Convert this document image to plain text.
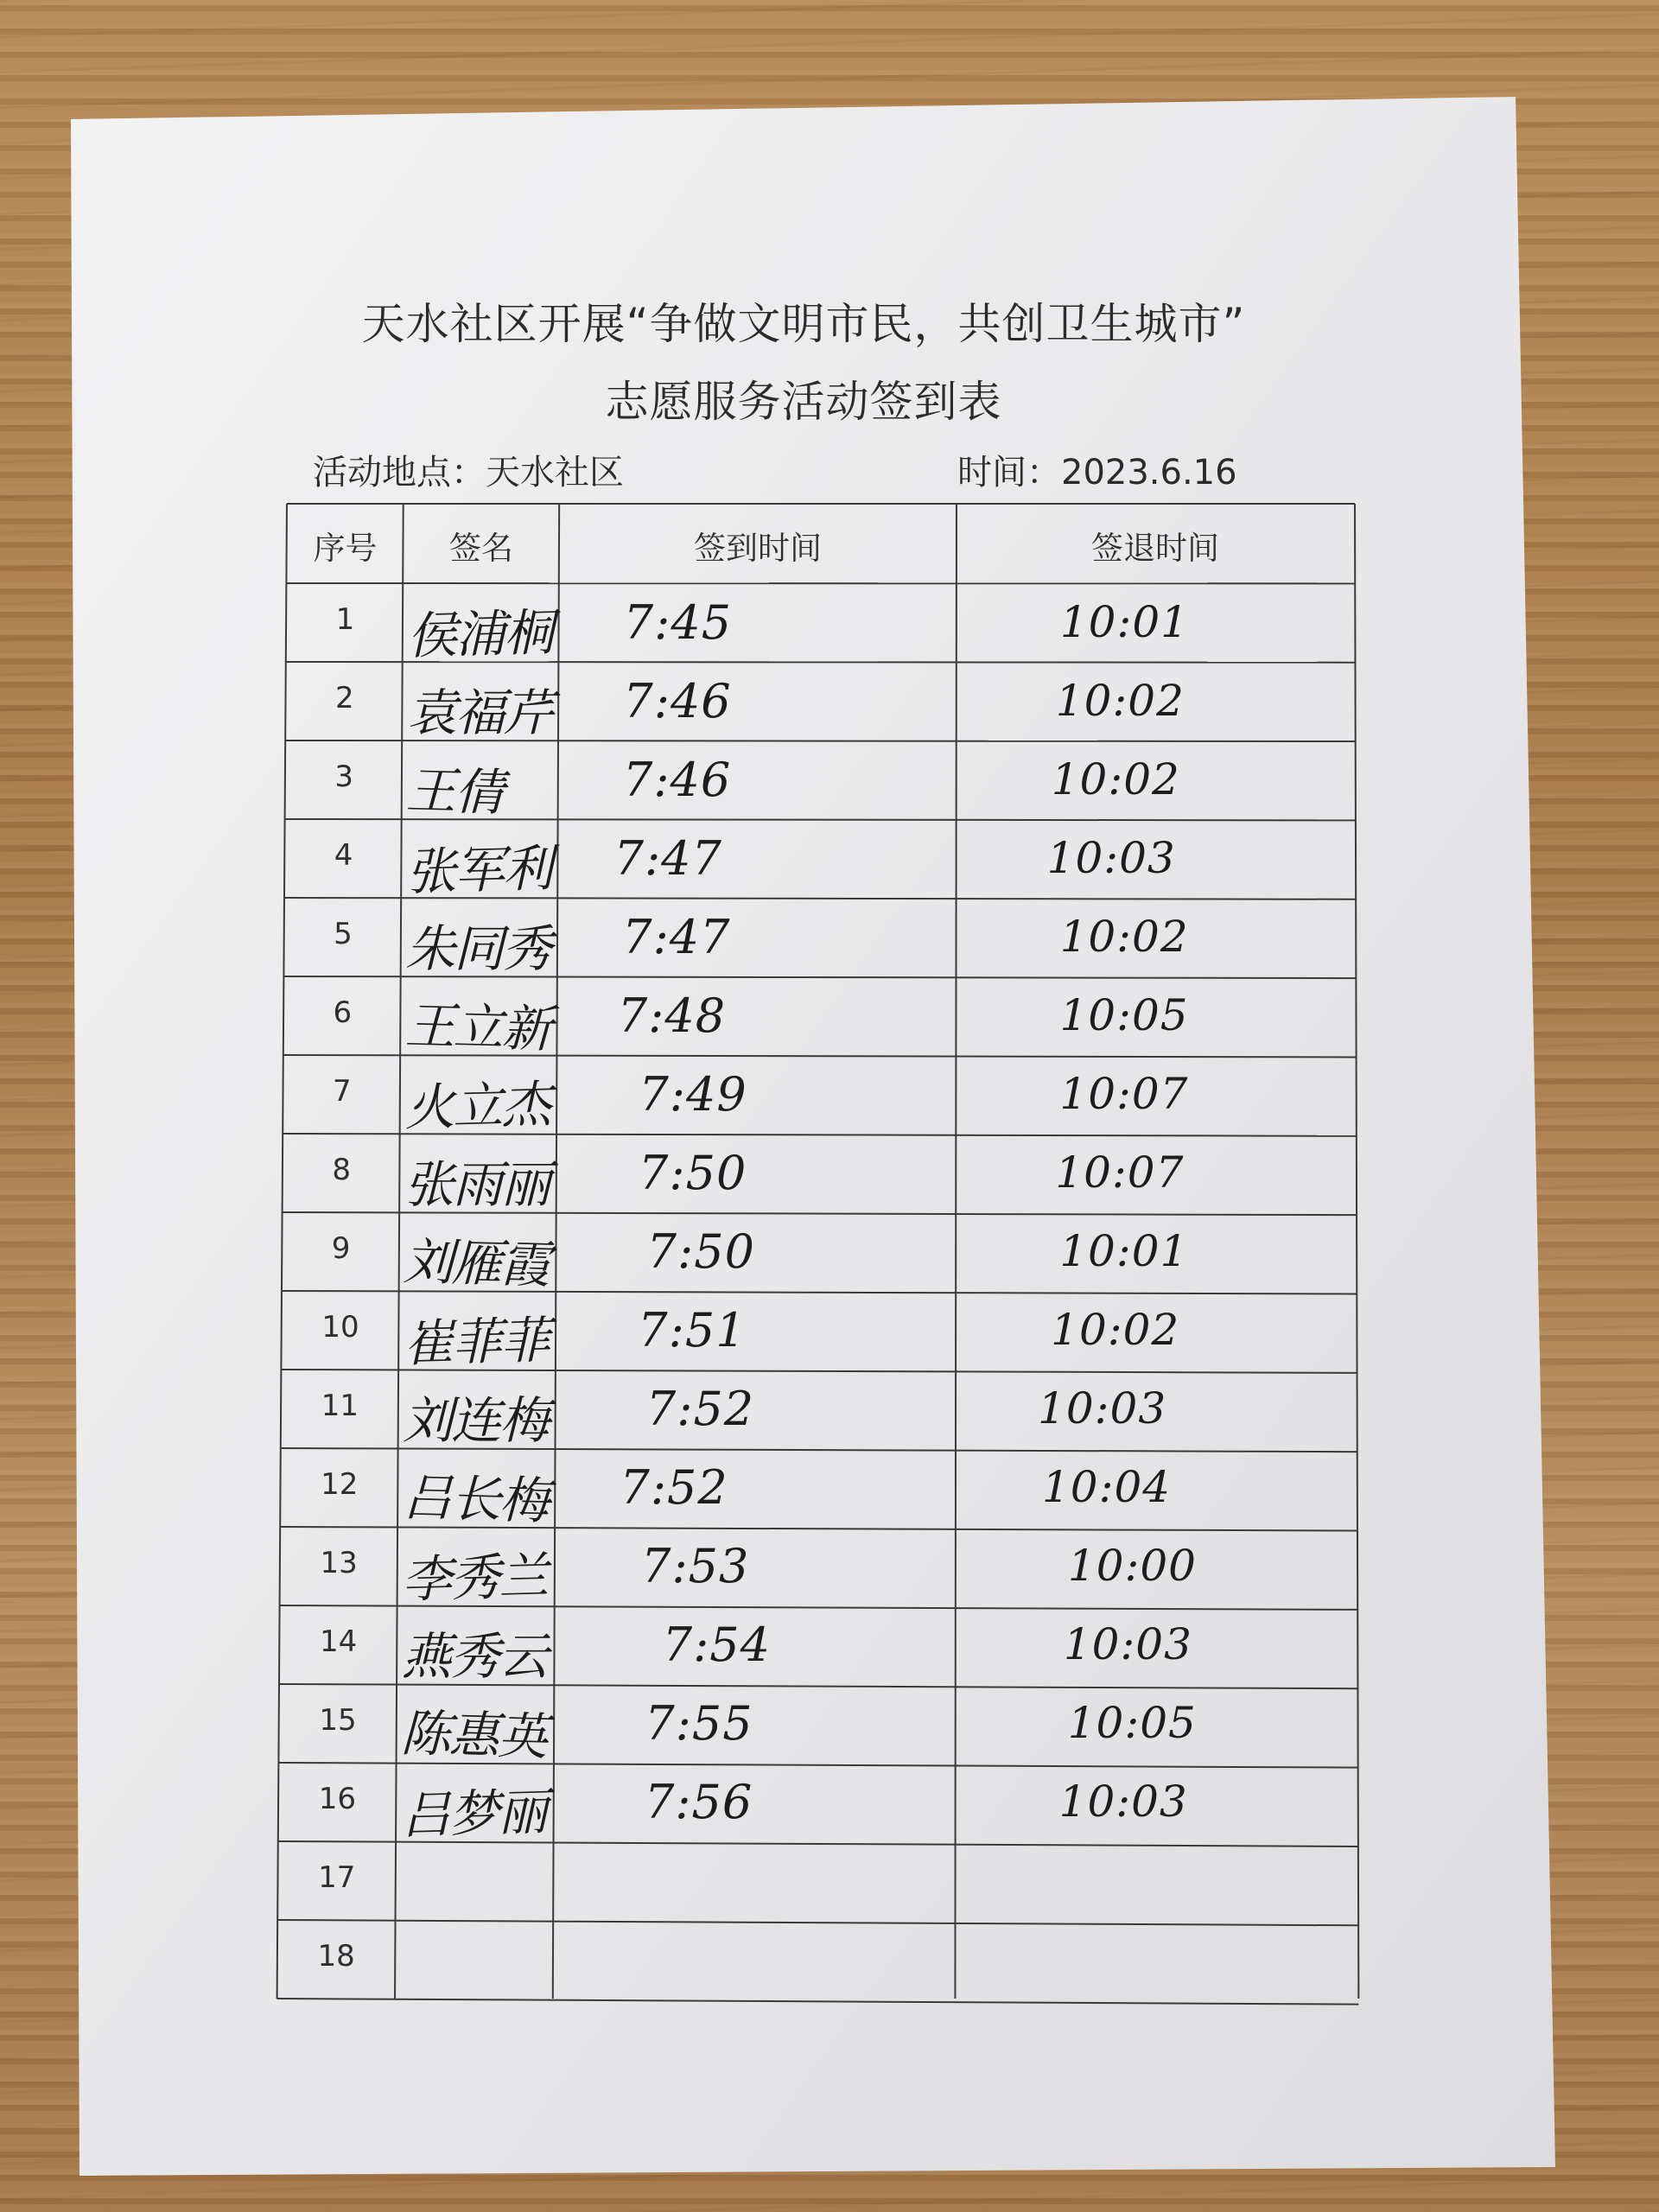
天水社区开展“争做文明市民，共创卫生城市”
志愿服务活动签到表
活动地点：天水社区	时间：2023.6.16
序号	签名	签到时间	签退时间
1	侯浦桐 7:45	10:01
2	袁福芹 7:46	10:02
3	王倩	7:46	10:02
4	张军利 7:47	10:03
5	朱同秀 7:47	10:02
6	王立新 7:48	10:05
7	火立杰 7:49	10:07
8	张雨丽 7:50	10:07
9	刘雁霞 7:50	10:01
10 崔菲菲 7:51	10:02
11 刘连梅 7:52	10:03
12 吕长梅 7:52	10:04
13 李秀兰 7:53	10:00
14 燕秀云 7:54	10:03
15 陈惠英 7:55	10:05
16 吕梦丽 7:56	10:03
17
18
